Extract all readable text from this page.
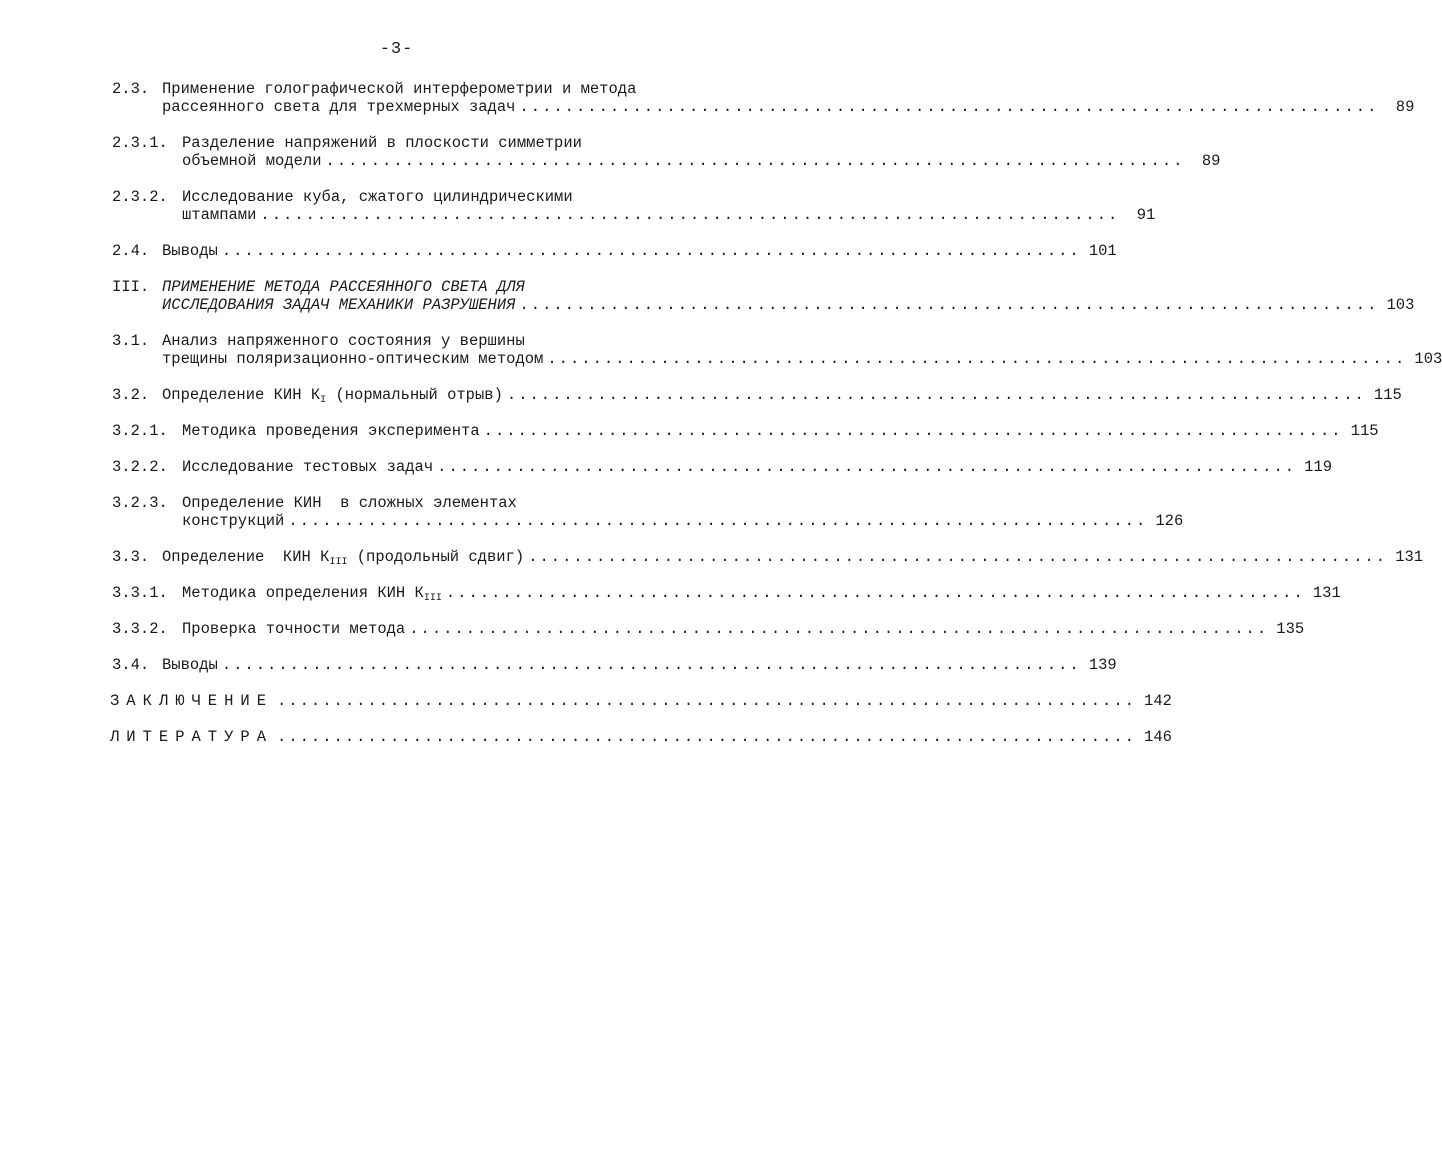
-3-
2.3. Применение голографической интерферометрии и метода
рассеянного света для трехмерных задач ............................................................................	89
2.3.1. Разделение напряжений в плоскости симметрии
объемной модели ............................................................................	89
2.3.2. Исследование куба, сжатого цилиндрическими
штампами ............................................................................	91
2.4. Выводы ............................................................................ 101
III. ПРИМЕНЕНИЕ МЕТОДА РАССЕЯННОГО СВЕТА ДЛЯ
ИССЛЕДОВАНИЯ ЗАДАЧ МЕХАНИКИ РАЗРУШЕНИЯ ............................................................................ 103
3.1. Анализ напряженного состояния у вершины
трещины поляризационно-оптическим методом ............................................................................ 103
3.2. Определение КИН $К_I$ (нормальный отрыв) ............................................................................ 115
3.2.1. Методика проведения эксперимента ............................................................................ 115
3.2.2. Исследование тестовых задач ............................................................................ 119
3.2.3. Определение КИН  в сложных элементах
конструкций ............................................................................ 126
3.3. Определение  КИН $К_{III}$ (продольный сдвиг) ............................................................................ 131
3.3.1. Методика определения КИН $К_{III}$ ............................................................................ 131
3.3.2. Проверка точности метода ............................................................................ 135
3.4. Выводы ............................................................................ 139
ЗАКЛЮЧЕНИЕ ............................................................................ 142
ЛИТЕРАТУРА ............................................................................ 146
